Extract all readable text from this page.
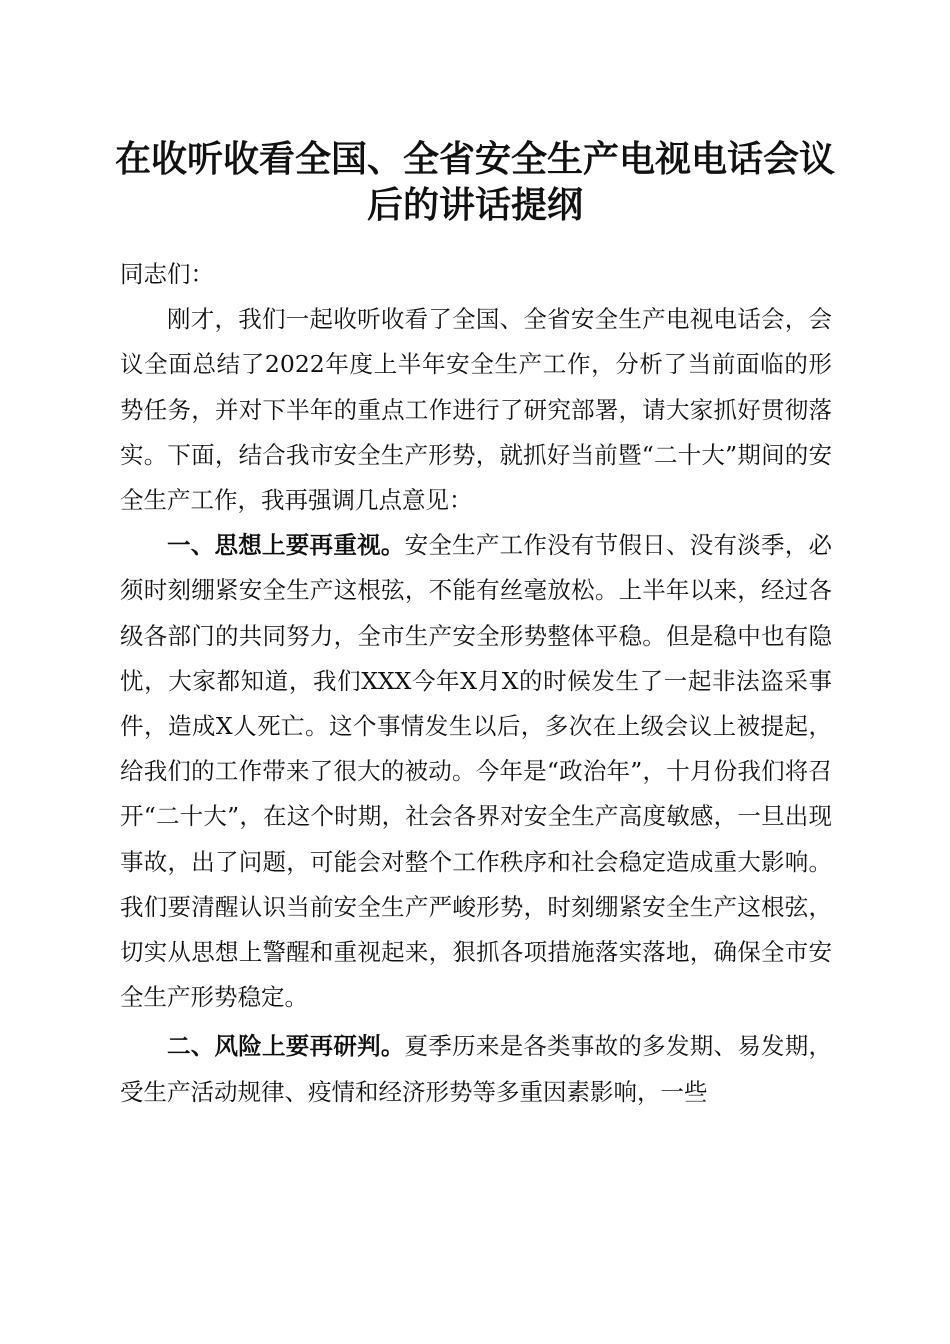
在收听收看全国、全省安全生产电视电话会议
后的讲话提纲

同志们：

刚才，我们一起收听收看了全国、全省安全生产电视电话会，会议全面总结了2022年度上半年安全生产工作，分析了当前面临的形势任务，并对下半年的重点工作进行了研究部署，请大家抓好贯彻落实。下面，结合我市安全生产形势，就抓好当前暨“二十大”期间的安全生产工作，我再强调几点意见：

一、思想上要再重视。安全生产工作没有节假日、没有淡季，必须时刻绷紧安全生产这根弦，不能有丝毫放松。上半年以来，经过各级各部门的共同努力，全市生产安全形势整体平稳。但是稳中也有隐忧，大家都知道，我们XXX今年X月X的时候发生了一起非法盗采事件，造成X人死亡。这个事情发生以后，多次在上级会议上被提起，给我们的工作带来了很大的被动。今年是“政治年”，十月份我们将召开“二十大”，在这个时期，社会各界对安全生产高度敏感，一旦出现事故，出了问题，可能会对整个工作秩序和社会稳定造成重大影响。我们要清醒认识当前安全生产严峻形势，时刻绷紧安全生产这根弦，切实从思想上警醒和重视起来，狠抓各项措施落实落地，确保全市安全生产形势稳定。

二、风险上要再研判。夏季历来是各类事故的多发期、易发期，受生产活动规律、疫情和经济形势等多重因素影响，一些
